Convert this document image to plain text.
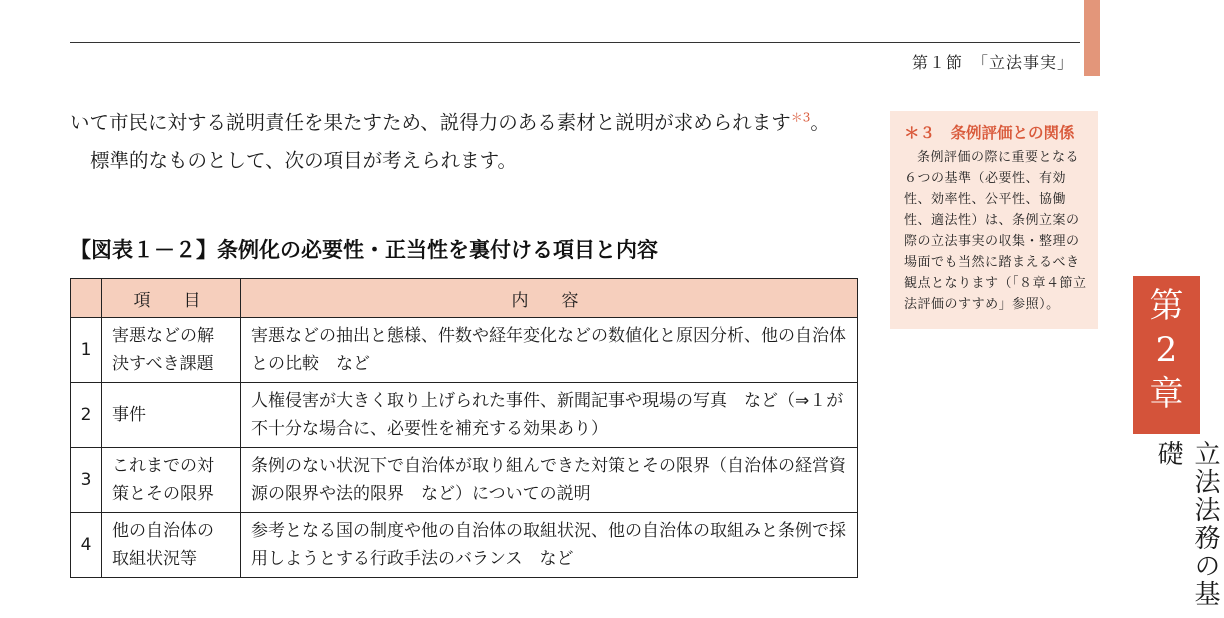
第１節　「立法事実」

いて市民に対する説明責任を果たすため、説得力のある素材と説明が求められます$^{*3}$。

標準的なものとして、次の項目が考えられます。

【図表１－２】条例化の必要性・正当性を裏付ける項目と内容
	項　目	内　容
1	害悪などの解決すべき課題	害悪などの抽出と態様、件数や経年変化などの数値化と原因分析、他の自治体との比較　など
2	事件	人権侵害が大きく取り上げられた事件、新聞記事や現場の写真　など（⇒１が不十分な場合に、必要性を補充する効果あり）
3	これまでの対策とその限界	条例のない状況下で自治体が取り組んできた対策とその限界（自治体の経営資源の限界や法的限界　など）についての説明
4	他の自治体の取組状況等	参考となる国の制度や他の自治体の取組状況、他の自治体の取組みと条例で採用しようとする行政手法のバランス　など
＊３　条例評価との関係
条例評価の際に重要となる６つの基準（必要性、有効性、効率性、公平性、協働性、適法性）は、条例立案の際の立法事実の収集・整理の場面でも当然に踏まえるべき観点となります（「８章４節立法評価のすすめ」参照）。	第
2
章
立法法務の基礎
